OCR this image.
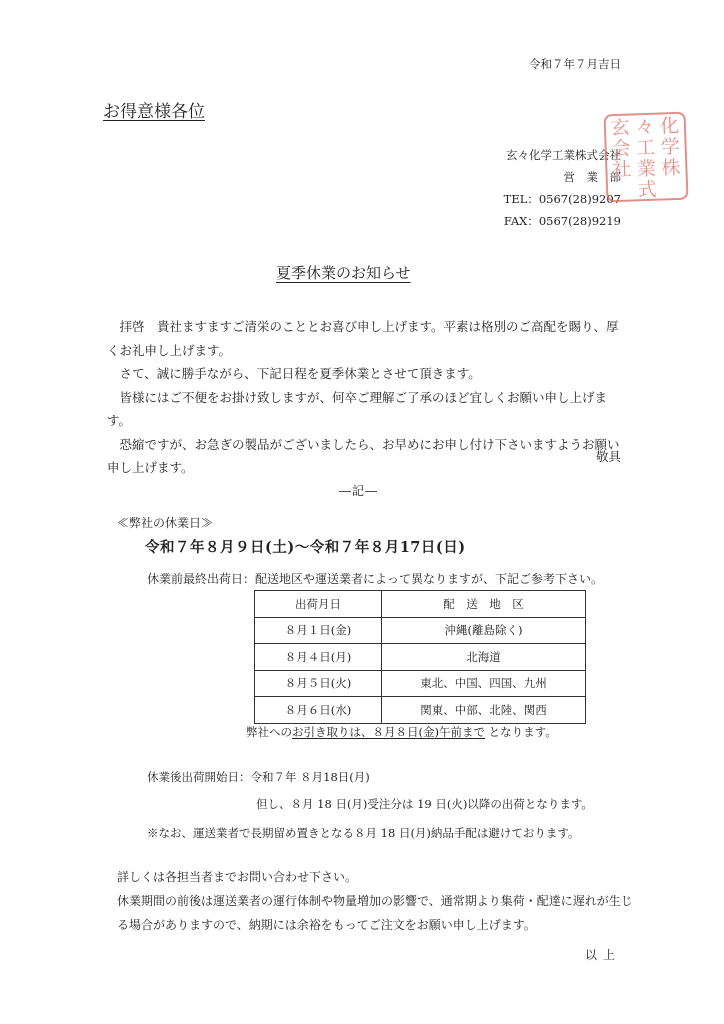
令和７年７月吉日
お得意様各位
玄々化学工業株式会社
営　業　部
TEL：0567(28)9207
FAX：0567(28)9219
玄 々 化
会 工 学
社 業 株

式

夏季休業のお知らせ

　拝啓　貴社ますますご清栄のこととお喜び申し上げます。平素は格別のご高配を賜り、厚くお礼申し上げます。

　さて、誠に勝手ながら、下記日程を夏季休業とさせて頂きます。

　皆様にはご不便をお掛け致しますが、何卒ご理解ご了承のほど宜しくお願い申し上げます。

　恐縮ですが、お急ぎの製品がございましたら、お早めにお申し付け下さいますようお願い申し上げます。

敬具
―記―
≪弊社の休業日≫
令和７年８月９日(土)～令和７年８月17日(日)
休業前最終出荷日：配送地区や運送業者によって異なりますが、下記ご参考下さい。
出荷月日	配　送　地　区
８月１日(金)	沖縄(離島除く)
８月４日(月)	北海道
８月５日(火)	東北、中国、四国、九州
８月６日(水)	関東、中部、北陸、関西
弊社へのお引き取りは、８月８日(金)午前まで となります。
休業後出荷開始日：令和７年 ８月18日(月)
但し、８月 18 日(月)受注分は 19 日(火)以降の出荷となります。
※なお、運送業者で長期留め置きとなる８月 18 日(月)納品手配は避けております。

詳しくは各担当者までお問い合わせ下さい。

休業期間の前後は運送業者の運行体制や物量増加の影響で、通常期より集荷・配達に遅れが生じる場合がありますので、納期には余裕をもってご注文をお願い申し上げます。

以上
